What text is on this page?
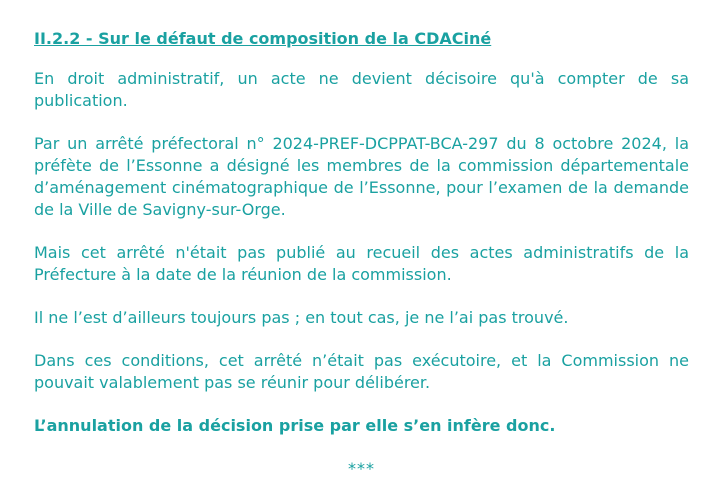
II.2.2 - Sur le défaut de composition de la CDACiné

En droit administratif, un acte ne devient décisoire qu'à compter de sa publication.

Par un arrêté préfectoral n° 2024-PREF-DCPPAT-BCA-297 du 8 octobre 2024, la préfète de l’Essonne a désigné les membres de la commission départementale d’aménagement cinématographique de l’Essonne, pour l’examen de la demande de la Ville de Savigny-sur-Orge.

Mais cet arrêté n'était pas publié au recueil des actes administratifs de la Préfecture à la date de la réunion de la commission.

Il ne l’est d’ailleurs toujours pas ; en tout cas, je ne l’ai pas trouvé.

Dans ces conditions, cet arrêté n’était pas exécutoire, et la Commission ne pouvait valablement pas se réunir pour délibérer.

L’annulation de la décision prise par elle s’en infère donc.

***
